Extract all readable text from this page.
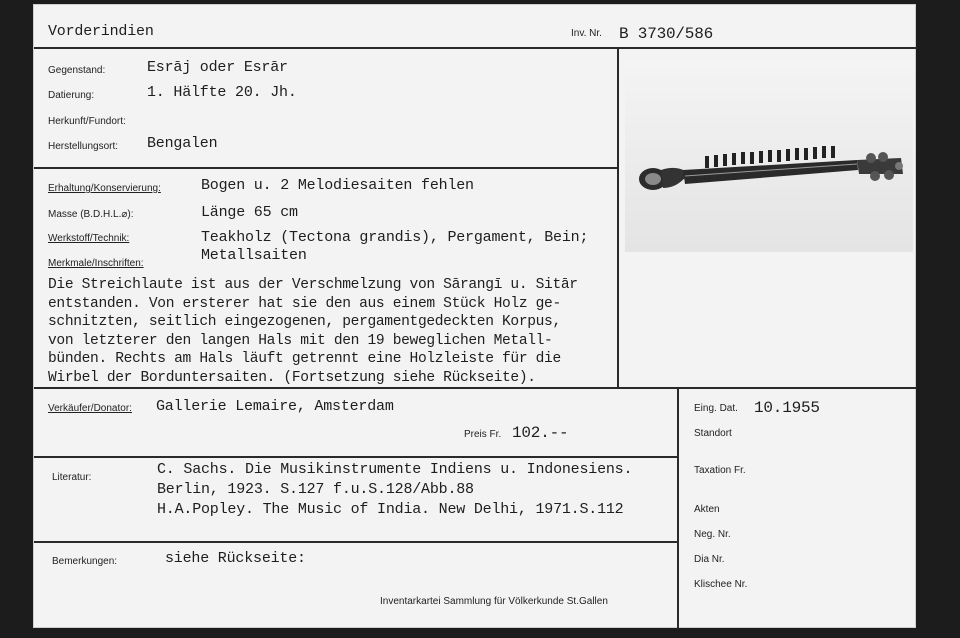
Vorderindien	Inv. Nr. B 3730/586
Gegenstand:	Esrāj oder Esrār
Datierung:	1. Hälfte 20. Jh.
Herkunft/Fundort:
Herstellungsort: Bengalen
Erhaltung/Konservierung:	Bogen u. 2 Melodiesaiten fehlen
Masse (B.D.H.L.⌀):	Länge 65 cm
Werkstoff/Technik:	Teakholz (Tectona grandis), Pergament, Bein;
Metallsaiten
Merkmale/Inschriften:
Die Streichlaute ist aus der Verschmelzung von Sārangī u. Sitār
entstanden. Von ersterer hat sie den aus einem Stück Holz ge-
schnitzten, seitlich eingezogenen, pergamentgedeckten Korpus,
von letzterer den langen Hals mit den 19 beweglichen Metall-
bünden. Rechts am Hals läuft getrennt eine Holzleiste für die
Wirbel der Borduntersaiten. (Fortsetzung siehe Rückseite).
Verkäufer/Donator: Gallerie Lemaire, Amsterdam
Preis Fr. 102.--
Eing. Dat. 10.1955
Standort
Taxation Fr.
Akten
Neg. Nr.
Dia Nr.
Klischee Nr.
Literatur:	C. Sachs. Die Musikinstrumente Indiens u. Indonesiens.
Berlin, 1923. S.127 f.u.S.128/Abb.88
H.A.Popley. The Music of India. New Delhi, 1971.S.112
Bemerkungen:	siehe Rückseite:
Inventarkartei Sammlung für Völkerkunde St.Gallen
